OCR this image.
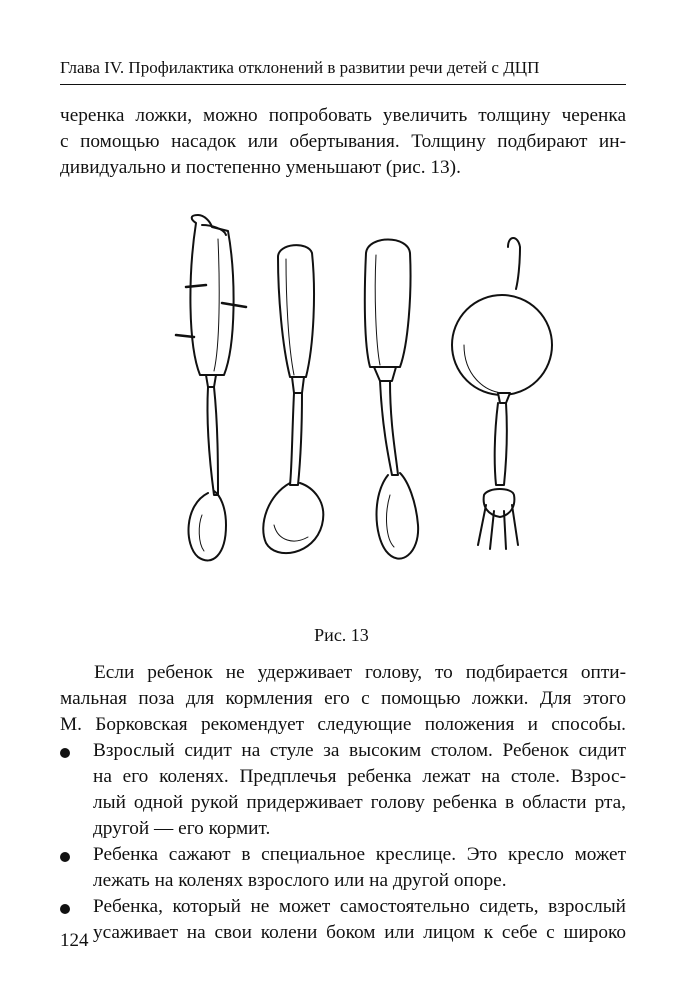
Глава IV. Профилактика отклонений в развитии речи детей с ДЦП
черенка ложки, можно попробовать увеличить толщину черенка
с помощью насадок или обертывания. Толщину подбирают ин-
дивидуально и постепенно уменьшают (рис. 13).
Рис. 13
Если ребенок не удерживает голову, то подбирается опти-
мальная поза для кормления его с помощью ложки. Для этого
М. Борковская рекомендует следующие положения и способы.
Взрослый сидит на стуле за высоким столом. Ребенок сидит
на его коленях. Предплечья ребенка лежат на столе. Взрос-
лый одной рукой придерживает голову ребенка в области рта,
другой — его кормит.
Ребенка сажают в специальное креслице. Это кресло может
лежать на коленях взрослого или на другой опоре.
Ребенка, который не может самостоятельно сидеть, взрослый
усаживает на свои колени боком или лицом к себе с широко
124
